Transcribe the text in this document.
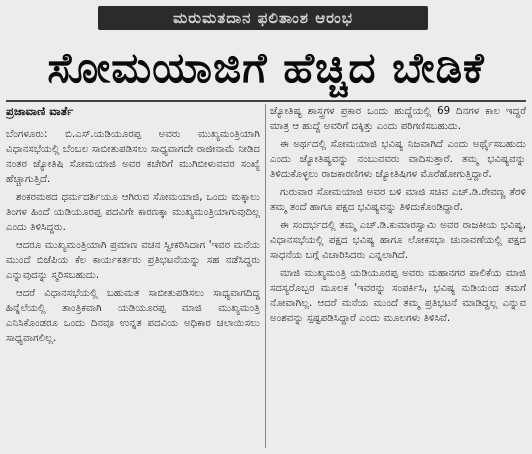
ಮರುಮತದಾನ ಫಲಿತಾಂಶ ಆರಂಭ
ಸೋಮಯಾಜಿಗೆ ಹೆಚ್ಚಿದ ಬೇಡಿಕೆ

ಪ್ರಜಾವಾಣಿ ವಾರ್ತೆ

ಬೆಂಗಳೂರು: ಬಿ.ಎಸ್.ಯಡಿಯೂರಪ್ಪ ಅವರು ಮುಖ್ಯಮಂತ್ರಿಯಾಗಿ ವಿಧಾನಸಭೆಯಲ್ಲಿ ಬೆಂಬಲ ಸಾಬೀತುಪಡಿಸಲು ಸಾಧ್ಯವಾಗದೇ ರಾಜೀನಾಮೆ ನೀಡಿದ ನಂತರ ಜ್ಯೋತಿಷಿ ಸೋಮಯಾಜಿ ಅವರ ಕಚೇರಿಗೆ ಮುಗಿಬೀಳುವವರ ಸಂಖ್ಯೆ ಹೆಚ್ಚಾಗುತ್ತಿದೆ.

ಶಂಕರಮಠದ ಧರ್ಮದರ್ಶಿಯೂ ಆಗಿರುವ ಸೋಮಯಾಜಿ, ಒಂದು ಮಕ್ಕಾಲು ತಿಂಗಳ ಹಿಂದೆ ಯಡಿಯೂರಪ್ಪ ಪದವಿಗೇ ಕಾರಣಕ್ಕಾ ಮುಖ್ಯಮಂತ್ರಿಯಾಗುವುದಿಲ್ಲ ಎಂದು ತಿಳಿಸಿದ್ದರು.

ಆದರೂ ಮುಖ್ಯಮಂತ್ರಿಯಾಗಿ ಪ್ರಮಾಣ ವಚನ ಸ್ವೀಕರಿಸಿದಾಗ 'ಇವರ ಮನೆಯ ಮುಂದೆ ಬಿಜೆಪಿಯ ಕೆಲ ಕಾರ್ಯಕರ್ತರು ಪ್ರತಿಭಟನೆಯನ್ನು ಸಹ ನಡೆಸಿದ್ದರು ಎನ್ನುವುದನ್ನು ಸ್ಮರಿಸಬಹುದು.

ಆದರೆ ವಿಧಾನಸಭೆಯಲ್ಲಿ ಬಹುಮತ ಸಾಬೀತುಪಡಿಸಲು ಸಾಧ್ಯವಾಗದಿದ್ದ ಹಿನ್ನೆಲೆಯಲ್ಲಿ ತಾಂತ್ರಿಕವಾಗಿ ಯಡಿಯೂರಪ್ಪ ಮಾಜಿ ಮುಖ್ಯಮಂತ್ರಿ ಎನಿಸಿಕೊಂಡರೂ ಒಂದು ದಿನವೂ ಉನ್ನತ ಪದವಿಯ ಅಧಿಕಾರ ಚಲಾಯಿಸಲು ಸಾಧ್ಯವಾಗಲಿಲ್ಲ.

ಜ್ಯೋತಿಷ್ಯ ಶಾಸ್ತ್ರಗಳ ಪ್ರಕಾರ ಒಂದು ಹುದ್ದೆಯಲ್ಲಿ 69 ದಿನಗಳ ಕಾಲ ಇದ್ದರೆ ಮಾತ್ರ ಆ ಹುದ್ದೆ ಅವರಿಗೆ ದಕ್ಕಿತ್ತು ಎಂದು ಪರಿಗಣಿಸಬಹುದು.

ಈ ಅರ್ಥದಲ್ಲಿ ಸೋಮಯಾಜಿ ಭವಿಷ್ಯ ನಿಜವಾಗಿದೆ ಎಂದು ಅರ್ಥೈಸಬಹುದು ಎಂದು ಜ್ಯೋತಿಷ್ಯವನ್ನು ನಂಬುವವರು ವಾದಿಸುತ್ತಾರೆ. ತಮ್ಮ ಭವಿಷ್ಯವನ್ನು ತಿಳಿದುಕೊಳ್ಳಲು ರಾಜಕಾರಣಿಗಳು ಜ್ಯೋತಿಷಿಗಳ ಮೊರೆಹೋಗುತ್ತಿದ್ದಾರೆ.

ಗುರುವಾರ ಸೋಮಯಾಜಿ ಅವರ ಬಳಿ ಮಾಜಿ ಸಚಿವ ಎಚ್.ಡಿ.ರೇವಣ್ಣ ತೆರಳಿ ತಮ್ಮ ತಂದೆ ಹಾಗೂ ಪಕ್ಷದ ಭವಿಷ್ಯವನ್ನು ತಿಳಿದುಕೊಂಡಿದ್ದಾರೆ.

ಈ ಸಂದರ್ಭದಲ್ಲಿ ತಮ್ಮ ಎಚ್.ಡಿ.ಕುಮಾರಸ್ವಾಮಿ ಅವರ ರಾಜಕೀಯ ಭವಿಷ್ಯ, ವಿಧಾನಸಭೆಯಲ್ಲಿ ಪಕ್ಷದ ಭವಿಷ್ಯ ಹಾಗೂ ಲೋಕಸಭಾ ಚುನಾವಣೆಯಲ್ಲಿ ಪಕ್ಷದ ಸಾಧನೆಯ ಬಗ್ಗೆ ವಿಚಾರಿಸಿದರು ಎನ್ನಲಾಗಿದೆ.

ಮಾಜಿ ಮುಖ್ಯಮಂತ್ರಿ ಯಡಿಯೂರಪ್ಪ ಅವರು ಮಹಾನಗರ ಪಾಲಿಕೆಯ ಮಾಜಿ ಸದಸ್ಯರೊಬ್ಬರ ಮೂಲಕ 'ಇವರನ್ನು ಸಂಪರ್ಕಿಸಿ, ಭವಿಷ್ಯ ನುಡಿಯಂದ ತಮಗೆ ನೋವಾಗಿಲ್ಲ. ಆದರೆ ಮನೆಯ ಮುಂದೆ ತಮ್ಮ ಪ್ರತಿಭಟನೆ ಮಾಡಿದ್ದಲ್ಲ ಎನ್ನುವ ಅಂಶವನ್ನು ಸ್ಪಷ್ಟಪಡಿಸಿದ್ದಾರೆ ಎಂದು ಮೂಲಗಳು ತಿಳಿಸಿವೆ.
